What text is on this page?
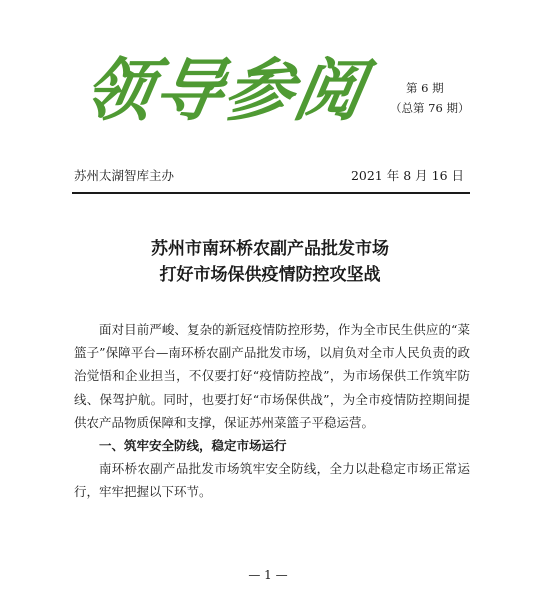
领导参阅	第 6 期
（总第 76 期）
苏州太湖智库主办	2021 年 8 月 16 日
苏州市南环桥农副产品批发市场
打好市场保供疫情防控攻坚战

面对目前严峻、复杂的新冠疫情防控形势，作为全市民生供应的“菜篮子”保障平台—南环桥农副产品批发市场，以肩负对全市人民负责的政治觉悟和企业担当，不仅要打好“疫情防控战”，为市场保供工作筑牢防线、保驾护航。同时，也要打好“市场保供战”，为全市疫情防控期间提供农产品物质保障和支撑，保证苏州菜篮子平稳运营。

一、筑牢安全防线，稳定市场运行

南环桥农副产品批发市场筑牢安全防线，全力以赴稳定市场正常运行，牢牢把握以下环节。

— 1 —
